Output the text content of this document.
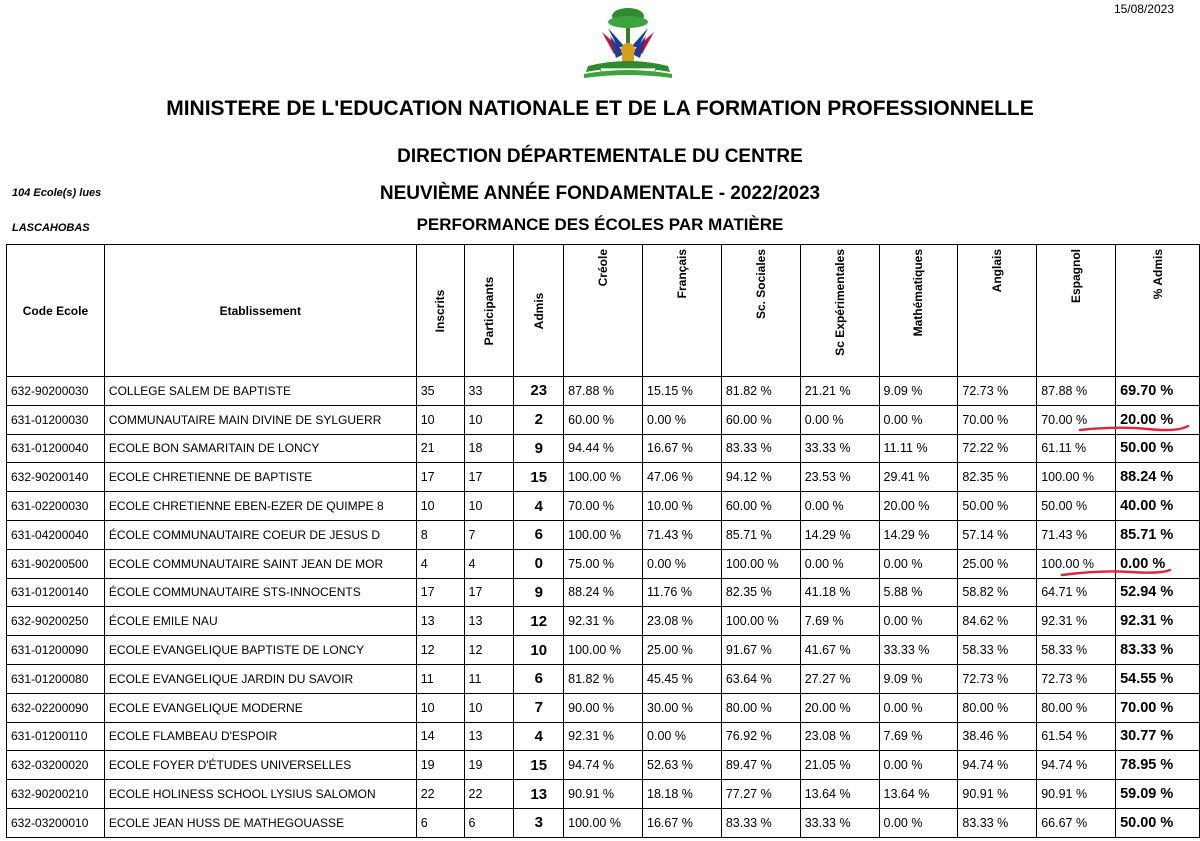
15/08/2023
MINISTERE DE L'EDUCATION NATIONALE ET DE LA FORMATION PROFESSIONNELLE
DIRECTION DÉPARTEMENTALE DU CENTRE
104 Ecole(s) lues	NEUVIÈME ANNÉE FONDAMENTALE - 2022/2023
LASCAHOBAS	PERFORMANCE DES ÉCOLES PAR MATIÈRE
Code Ecole	Etablissement	Inscrits	Participants	Admis	Créole	Français	Sc. Sociales	Sc Expérimentales	Mathématiques	Anglais	Espagnol	% Admis

632-90200030	COLLEGE SALEM DE BAPTISTE	35	33	23	87.88 %	15.15 %	81.82 %	21.21 %	9.09 %	72.73 %	87.88 %	69.70 %
631-01200030	COMMUNAUTAIRE MAIN DIVINE DE SYLGUERR	10	10	2	60.00 %	0.00 %	60.00 %	0.00 %	0.00 %	70.00 %	70.00 %	20.00 %
631-01200040	ECOLE BON SAMARITAIN DE LONCY	21	18	9	94.44 %	16.67 %	83.33 %	33.33 %	11.11 %	72.22 %	61.11 %	50.00 %
632-90200140	ECOLE CHRETIENNE DE BAPTISTE	17	17	15	100.00 %	47.06 %	94.12 %	23.53 %	29.41 %	82.35 %	100.00 %	88.24 %
631-02200030	ECOLE CHRETIENNE EBEN-EZER DE QUIMPE 8	10	10	4	70.00 %	10.00 %	60.00 %	0.00 %	20.00 %	50.00 %	50.00 %	40.00 %
631-04200040	ÉCOLE COMMUNAUTAIRE COEUR DE JESUS D	8	7	6	100.00 %	71.43 %	85.71 %	14.29 %	14.29 %	57.14 %	71.43 %	85.71 %
631-90200500	ECOLE COMMUNAUTAIRE SAINT JEAN DE MOR	4	4	0	75.00 %	0.00 %	100.00 %	0.00 %	0.00 %	25.00 %	100.00 %	0.00 %
631-01200140	ÉCOLE COMMUNAUTAIRE STS-INNOCENTS	17	17	9	88.24 %	11.76 %	82.35 %	41.18 %	5.88 %	58.82 %	64.71 %	52.94 %
632-90200250	ÉCOLE EMILE NAU	13	13	12	92.31 %	23.08 %	100.00 %	7.69 %	0.00 %	84.62 %	92.31 %	92.31 %
631-01200090	ECOLE EVANGELIQUE BAPTISTE DE LONCY	12	12	10	100.00 %	25.00 %	91.67 %	41.67 %	33.33 %	58.33 %	58.33 %	83.33 %
631-01200080	ECOLE EVANGELIQUE JARDIN DU SAVOIR	11	11	6	81.82 %	45.45 %	63.64 %	27.27 %	9.09 %	72.73 %	72.73 %	54.55 %
632-02200090	ECOLE EVANGELIQUE MODERNE	10	10	7	90.00 %	30.00 %	80.00 %	20.00 %	0.00 %	80.00 %	80.00 %	70.00 %
631-01200110	ECOLE FLAMBEAU D'ESPOIR	14	13	4	92.31 %	0.00 %	76.92 %	23.08 %	7.69 %	38.46 %	61.54 %	30.77 %
632-03200020	ECOLE FOYER D'ÉTUDES UNIVERSELLES	19	19	15	94.74 %	52.63 %	89.47 %	21.05 %	0.00 %	94.74 %	94.74 %	78.95 %
632-90200210	ECOLE HOLINESS SCHOOL LYSIUS SALOMON	22	22	13	90.91 %	18.18 %	77.27 %	13.64 %	13.64 %	90.91 %	90.91 %	59.09 %
632-03200010	ECOLE JEAN HUSS DE MATHEGOUASSE	6	6	3	100.00 %	16.67 %	83.33 %	33.33 %	0.00 %	83.33 %	66.67 %	50.00 %
